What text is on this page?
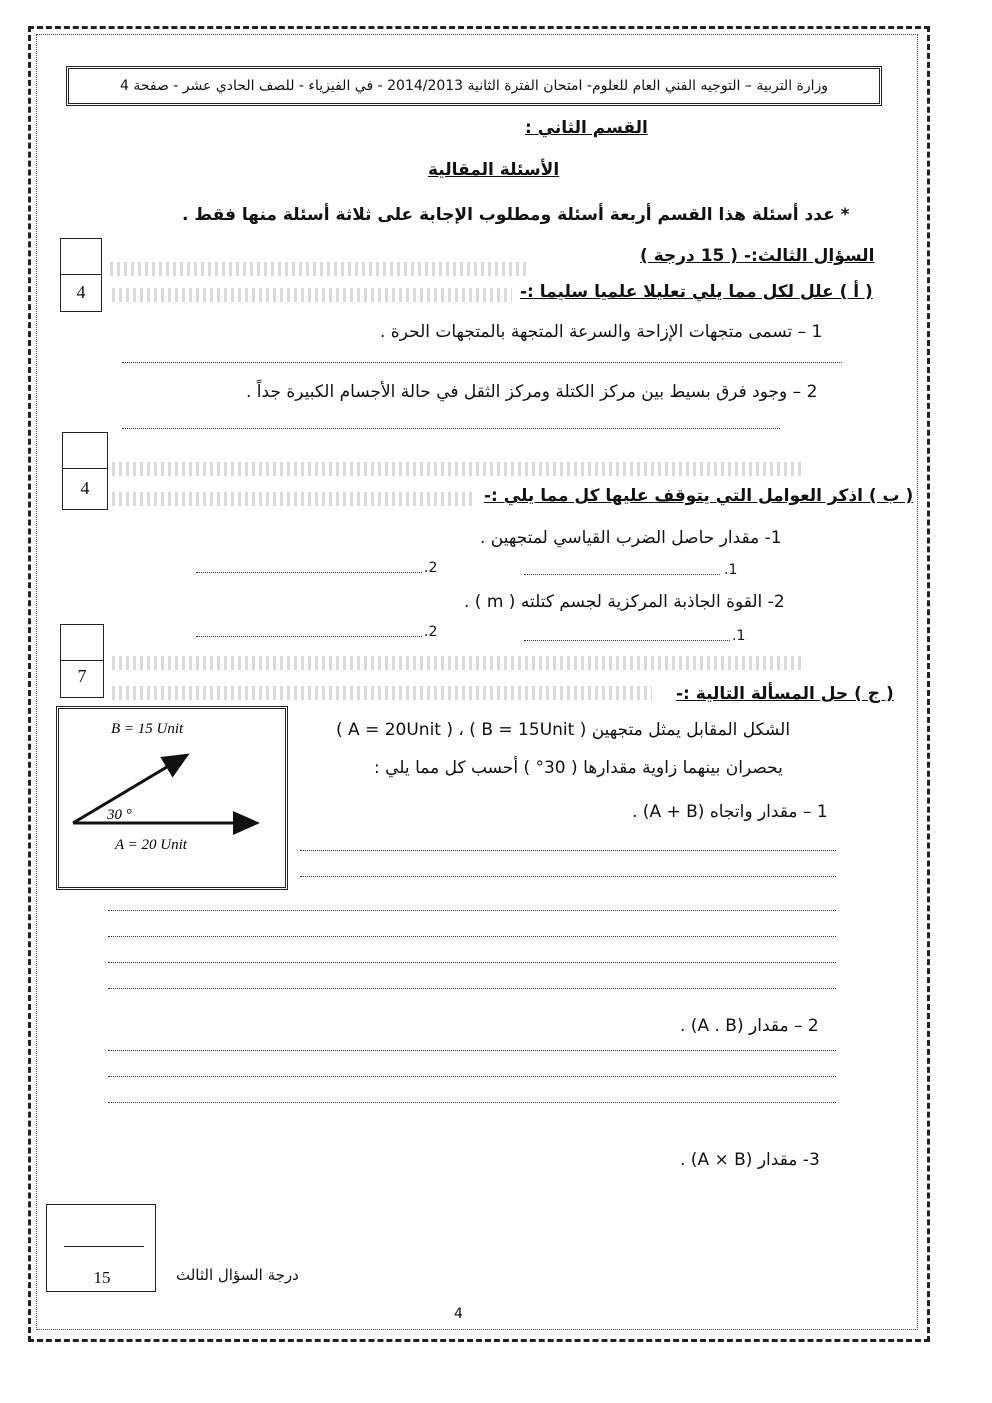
وزارة التربية – التوجيه الفني العام للعلوم- امتحان الفترة الثانية 2014/2013 - في الفيزياء - للصف الحادي عشر - صفحة 4
القسم الثاني :
الأسئلة المقالية
* عدد أسئلة هذا القسم أربعة أسئلة ومطلوب الإجابة على ثلاثة أسئلة منها فقط .
السؤال الثالث:- ( 15 درجة )
4	( أ ) علل لكل مما يلي تعليلا علميا سليما :-
1 – تسمى متجهات الإزاحة والسرعة المتجهة بالمتجهات الحرة .
2 – وجود فرق بسيط بين مركز الكتلة ومركز الثقل في حالة الأجسام الكبيرة جداً .
4	( ب ) اذكر العوامل التي يتوقف عليها كل مما يلي :-
1- مقدار حاصل الضرب القياسي لمتجهين .
1.
2.
2- القوة الجاذبة المركزية لجسم كتلته ( m ) .
1.
2.
7
( ج ) حل المسألة التالية :-
الشكل المقابل يمثل متجهين ( B = 15Unit ) ، ( A = 20Unit )
يحصران بينهما زاوية مقدارها ( 30° ) أحسب كل مما يلي :
B = 15 Unit
A = 20 Unit
30 °	1 – مقدار واتجاه (A + B) .
2 – مقدار (A . B) .
3- مقدار (A × B) .
15	درجة السؤال الثالث
4
